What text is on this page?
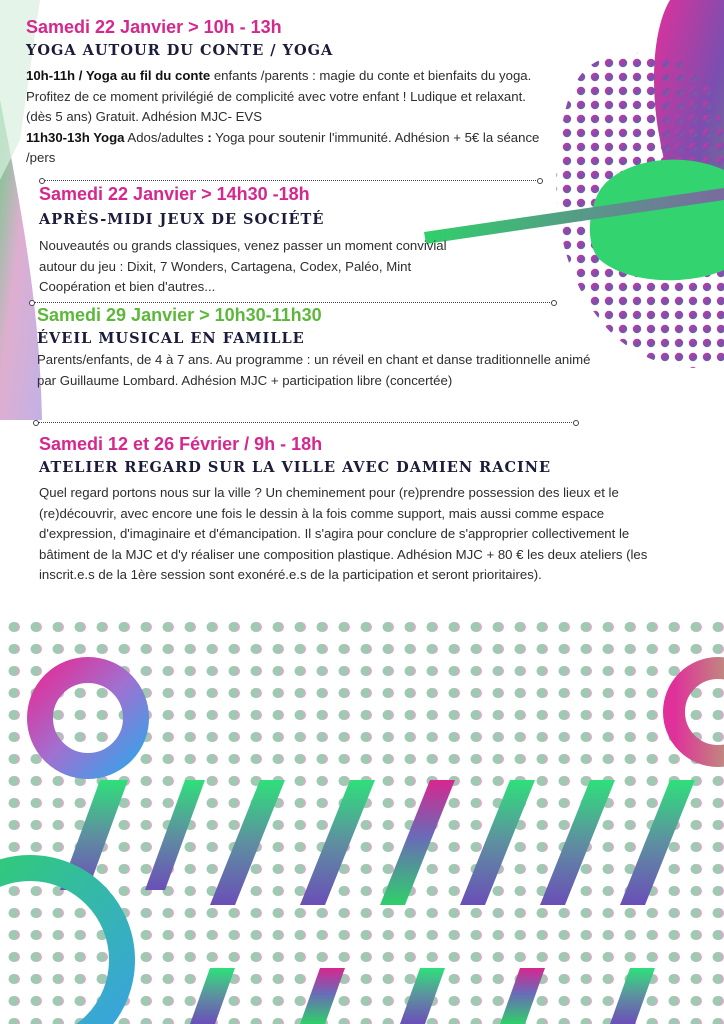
Samedi 22 Janvier > 10h - 13h
YOGA AUTOUR DU CONTE / YOGA
10h-11h / Yoga au fil du conte enfants /parents : magie du conte et bienfaits du yoga. Profitez de ce moment privilégié de complicité avec votre enfant ! Ludique et relaxant. (dès 5 ans) Gratuit. Adhésion MJC- EVS
11h30-13h Yoga Ados/adultes : Yoga pour soutenir l'immunité. Adhésion + 5€ la séance /pers
Samedi 22 Janvier > 14h30 -18h
APRÈS-MIDI JEUX DE SOCIÉTÉ
Nouveautés ou grands classiques, venez passer un moment convivial autour du jeu : Dixit, 7 Wonders, Cartagena, Codex, Paléo, Mint Coopération et bien d'autres...
Samedi 29 Janvier > 10h30-11h30
ÉVEIL MUSICAL EN FAMILLE
Parents/enfants, de 4 à 7 ans. Au programme : un réveil en chant et danse traditionnelle animé par Guillaume Lombard. Adhésion MJC + participation libre (concertée)
Samedi 12 et 26 Février / 9h - 18h
ATELIER REGARD SUR LA VILLE AVEC DAMIEN RACINE
Quel regard portons nous sur la ville ? Un cheminement pour (re)prendre possession des lieux et le (re)découvrir, avec encore une fois le dessin à la fois comme support, mais aussi comme espace d'expression, d'imaginaire et d'émancipation. Il s'agira pour conclure de s'approprier collectivement le bâtiment de la MJC et d'y réaliser une composition plastique. Adhésion MJC + 80 € les deux ateliers (les inscrit.e.s de la 1ère session sont exonéré.e.s de la participation et seront prioritaires).
